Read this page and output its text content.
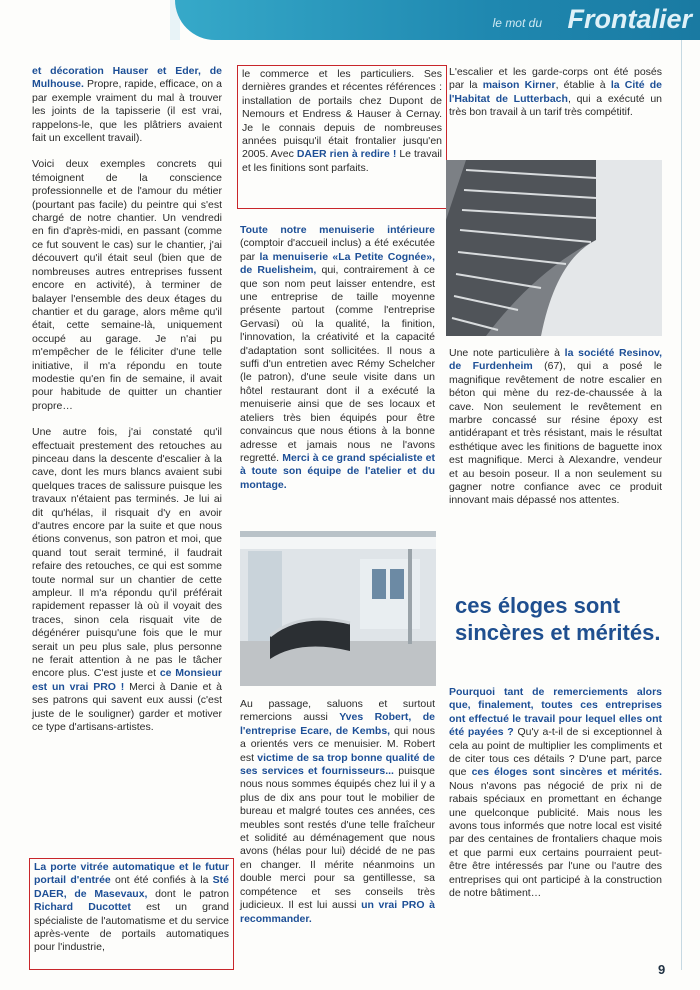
le mot du Frontalier

et décoration Hauser et Eder, de Mulhouse. Propre, rapide, efficace, on a par exemple vraiment du mal à trouver les joints de la tapisserie (il est vrai, rappelons-le, que les plâtriers avaient fait un excellent travail).

Voici deux exemples concrets qui témoignent de la conscience professionnelle et de l'amour du métier (pourtant pas facile) du peintre qui s'est chargé de notre chantier. Un vendredi en fin d'après-midi, en passant (comme ce fut souvent le cas) sur le chantier, j'ai découvert qu'il était seul (bien que de nombreuses autres entreprises fussent encore en activité), à terminer de balayer l'ensemble des deux étages du chantier et du garage, alors même qu'il était, cette semaine-là, uniquement occupé au garage. Je n'ai pu m'empêcher de le féliciter d'une telle initiative, il m'a répondu en toute modestie qu'en fin de semaine, il avait pour habitude de quitter un chantier propre…

Une autre fois, j'ai constaté qu'il effectuait prestement des retouches au pinceau dans la descente d'escalier à la cave, dont les murs blancs avaient subi quelques traces de salissure puisque les travaux n'étaient pas terminés. Je lui ai dit qu'hélas, il risquait d'y en avoir d'autres encore par la suite et que nous étions convenus, son patron et moi, que quand tout serait terminé, il faudrait refaire des retouches, ce qui est somme toute normal sur un chantier de cette ampleur. Il m'a répondu qu'il préférait rapidement repasser là où il voyait des traces, sinon cela risquait vite de dégénérer puisqu'une fois que le mur serait un peu plus sale, plus personne ne ferait attention à ne pas le tâcher encore plus. C'est juste et ce Monsieur est un vrai PRO ! Merci à Danie et à ses patrons qui savent eux aussi (c'est juste de le souligner) garder et motiver ce type d'artisans-artistes.

La porte vitrée automatique et le futur portail d'entrée ont été confiés à la Sté DAER, de Masevaux, dont le patron Richard Ducottet est un grand spécialiste de l'automatisme et du service après-vente de portails automatiques pour l'industrie,
le commerce et les particuliers. Ses dernières grandes et récentes références : installation de portails chez Dupont de Nemours et Endress & Hauser à Cernay. Je le connais depuis de nombreuses années puisqu'il était frontalier jusqu'en 2005. Avec DAER rien à redire ! Le travail et les finitions sont parfaits.
Toute notre menuiserie intérieure (comptoir d'accueil inclus) a été exécutée par la menuiserie «La Petite Cognée», de Ruelisheim, qui, contrairement à ce que son nom peut laisser entendre, est une entreprise de taille moyenne présente partout (comme l'entreprise Gervasi) où la qualité, la finition, l'innovation, la créativité et la capacité d'adaptation sont sollicitées. Il nous a suffi d'un entretien avec Rémy Schelcher (le patron), d'une seule visite dans un hôtel restaurant dont il a exécuté la menuiserie ainsi que de ses locaux et ateliers très bien équipés pour être convaincus que nous étions à la bonne adresse et jamais nous ne l'avons regretté. Merci à ce grand spécialiste et à toute son équipe de l'atelier et du montage.
Au passage, saluons et surtout remercions aussi Yves Robert, de l'entreprise Ecare, de Kembs, qui nous a orientés vers ce menuisier. M. Robert est victime de sa trop bonne qualité de ses services et fournisseurs... puisque nous nous sommes équipés chez lui il y a plus de dix ans pour tout le mobilier de bureau et malgré toutes ces années, ces meubles sont restés d'une telle fraîcheur et solidité au déménagement que nous avons (hélas pour lui) décidé de ne pas en changer. Il mérite néanmoins un double merci pour sa gentillesse, sa compétence et ses conseils très judicieux. Il est lui aussi un vrai PRO à recommander.
L'escalier et les garde-corps ont été posés par la maison Kirner, établie à la Cité de l'Habitat de Lutterbach, qui a exécuté un très bon travail à un tarif très compétitif.
Une note particulière à la société Resinov, de Furdenheim (67), qui a posé le magnifique revêtement de notre escalier en béton qui mène du rez-de-chaussée à la cave. Non seulement le revêtement en marbre concassé sur résine époxy est antidérapant et très résistant, mais le résultat esthétique avec les finitions de baguette inox est magnifique. Merci à Alexandre, vendeur et au besoin poseur. Il a non seulement su gagner notre confiance avec ce produit innovant mais dépassé nos attentes.
ces éloges sont sincères et mérités.
Pourquoi tant de remerciements alors que, finalement, toutes ces entreprises ont effectué le travail pour lequel elles ont été payées ? Qu'y a-t-il de si exceptionnel à cela au point de multiplier les compliments et de citer tous ces détails ? D'une part, parce que ces éloges sont sincères et mérités. Nous n'avons pas négocié de prix ni de rabais spéciaux en promettant en échange une quelconque publicité. Mais nous les avons tous informés que notre local est visité par des centaines de frontaliers chaque mois et que parmi eux certains pourraient peut-être être intéressés par l'une ou l'autre des entreprises qui ont participé à la construction de notre bâtiment…
9
